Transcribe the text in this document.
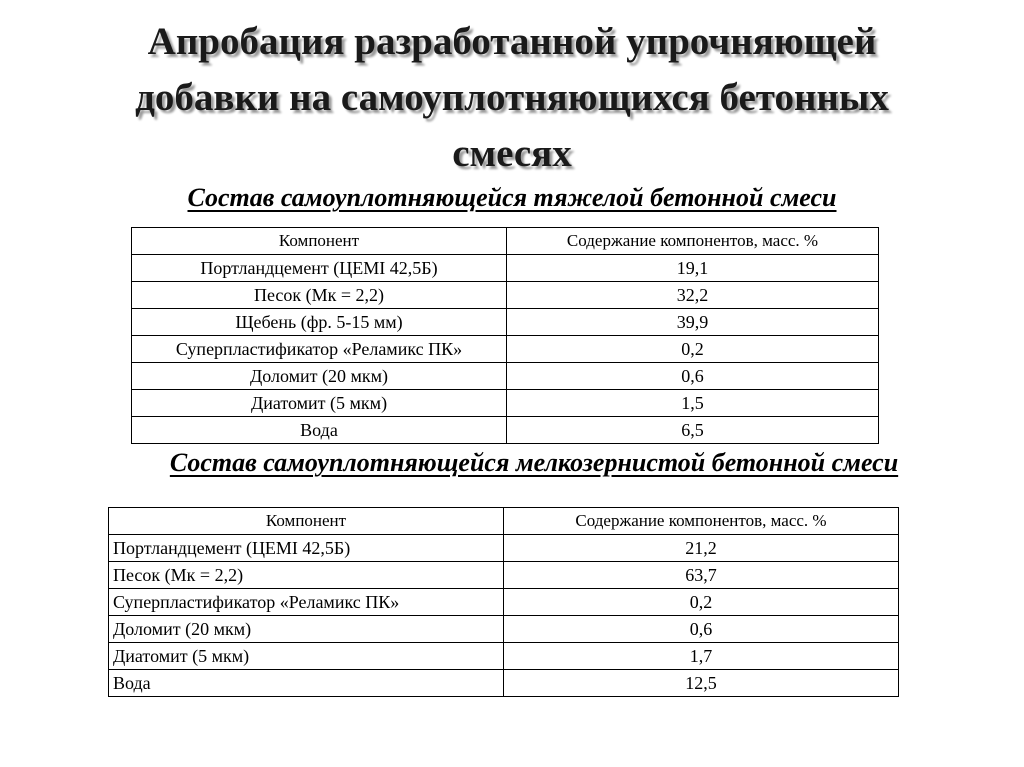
Апробация разработанной упрочняющей
добавки на самоуплотняющихся бетонных
смесях
Состав самоуплотняющейся тяжелой бетонной смеси
Компонент	Содержание компонентов, масс. %
Портландцемент (ЦЕМI 42,5Б)	19,1
Песок (Мк = 2,2)	32,2
Щебень (фр. 5-15 мм)	39,9
Суперпластификатор «Реламикс ПК»	0,2
Доломит (20 мкм)	0,6
Диатомит (5 мкм)	1,5
Вода	6,5
Состав самоуплотняющейся мелкозернистой бетонной смеси
Компонент	Содержание компонентов, масс. %
Портландцемент (ЦЕМI 42,5Б)	21,2
Песок (Мк = 2,2)	63,7
Суперпластификатор «Реламикс ПК»	0,2
Доломит (20 мкм)	0,6
Диатомит (5 мкм)	1,7
Вода	12,5
